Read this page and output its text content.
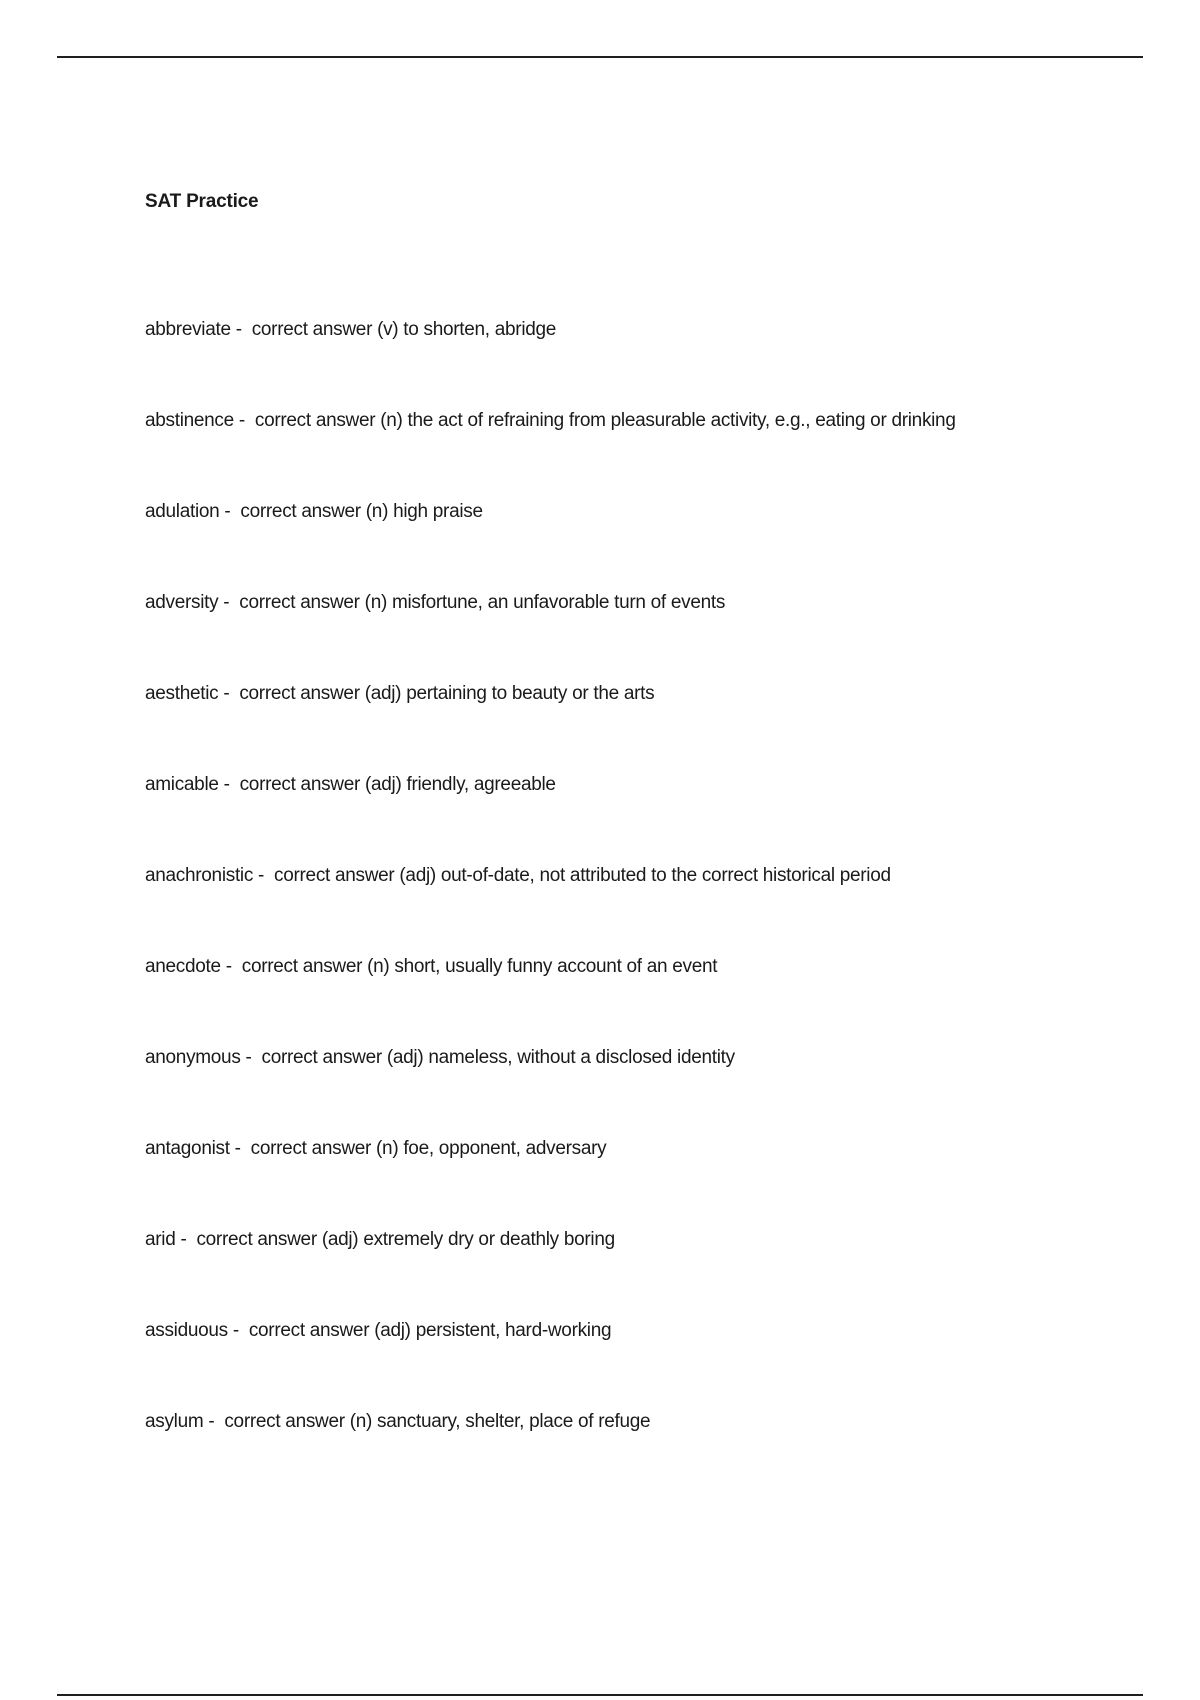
SAT Practice
abbreviate -  correct answer (v) to shorten, abridge
abstinence -  correct answer (n) the act of refraining from pleasurable activity, e.g., eating or drinking
adulation -  correct answer (n) high praise
adversity -  correct answer (n) misfortune, an unfavorable turn of events
aesthetic -  correct answer (adj) pertaining to beauty or the arts
amicable -  correct answer (adj) friendly, agreeable
anachronistic -  correct answer (adj) out-of-date, not attributed to the correct historical period
anecdote -  correct answer (n) short, usually funny account of an event
anonymous -  correct answer (adj) nameless, without a disclosed identity
antagonist -  correct answer (n) foe, opponent, adversary
arid -  correct answer (adj) extremely dry or deathly boring
assiduous -  correct answer (adj) persistent, hard-working
asylum -  correct answer (n) sanctuary, shelter, place of refuge
